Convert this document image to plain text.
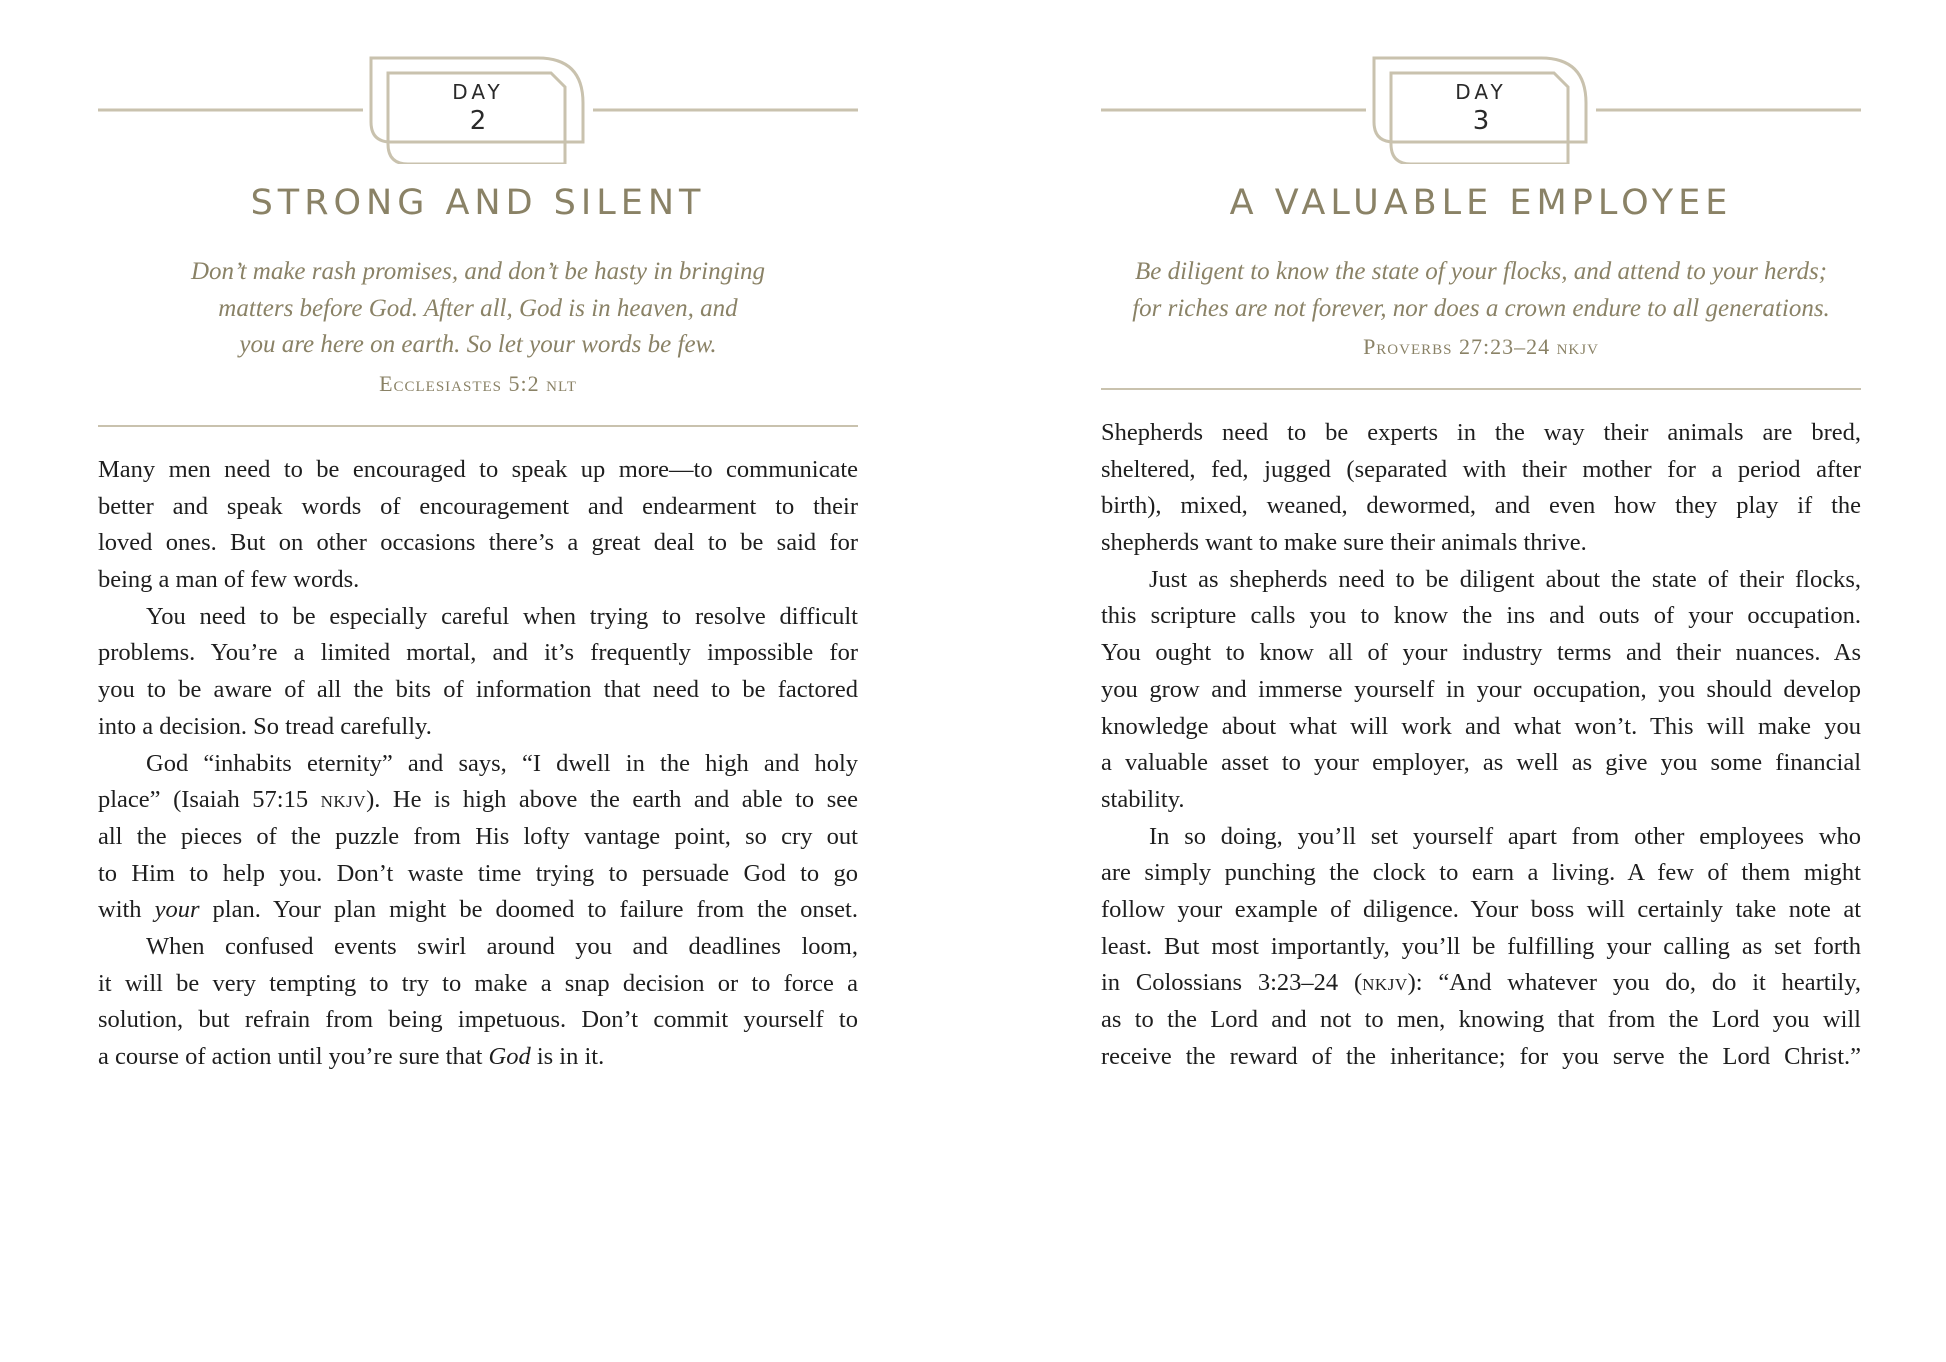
DAY
2
STRONG AND SILENT
Don’t make rash promises, and don’t be hasty in bringing
matters before God. After all, God is in heaven, and
you are here on earth. So let your words be few.
Ecclesiastes 5:2 nlt
Many men need to be encouraged to speak up more—to communicate
better and speak words of encouragement and endearment to their
loved ones. But on other occasions there’s a great deal to be said for
being a man of few words.
You need to be especially careful when trying to resolve difficult
problems. You’re a limited mortal, and it’s frequently impossible for
you to be aware of all the bits of information that need to be factored
into a decision. So tread carefully.
God “inhabits eternity” and says, “I dwell in the high and holy
place” (Isaiah 57:15 nkjv). He is high above the earth and able to see
all the pieces of the puzzle from His lofty vantage point, so cry out
to Him to help you. Don’t waste time trying to persuade God to go
with your plan. Your plan might be doomed to failure from the onset.
When confused events swirl around you and deadlines loom,
it will be very tempting to try to make a snap decision or to force a
solution, but refrain from being impetuous. Don’t commit yourself to
a course of action until you’re sure that God is in it.
DAY
3
A VALUABLE EMPLOYEE
Be diligent to know the state of your flocks, and attend to your herds;
for riches are not forever, nor does a crown endure to all generations.
Proverbs 27:23–24 nkjv
Shepherds need to be experts in the way their animals are bred,
sheltered, fed, jugged (separated with their mother for a period after
birth), mixed, weaned, dewormed, and even how they play if the
shepherds want to make sure their animals thrive.
Just as shepherds need to be diligent about the state of their flocks,
this scripture calls you to know the ins and outs of your occupation.
You ought to know all of your industry terms and their nuances. As
you grow and immerse yourself in your occupation, you should develop
knowledge about what will work and what won’t. This will make you
a valuable asset to your employer, as well as give you some financial
stability.
In so doing, you’ll set yourself apart from other employees who
are simply punching the clock to earn a living. A few of them might
follow your example of diligence. Your boss will certainly take note at
least. But most importantly, you’ll be fulfilling your calling as set forth
in Colossians 3:23–24 (nkjv): “And whatever you do, do it heartily,
as to the Lord and not to men, knowing that from the Lord you will
receive the reward of the inheritance; for you serve the Lord Christ.”
